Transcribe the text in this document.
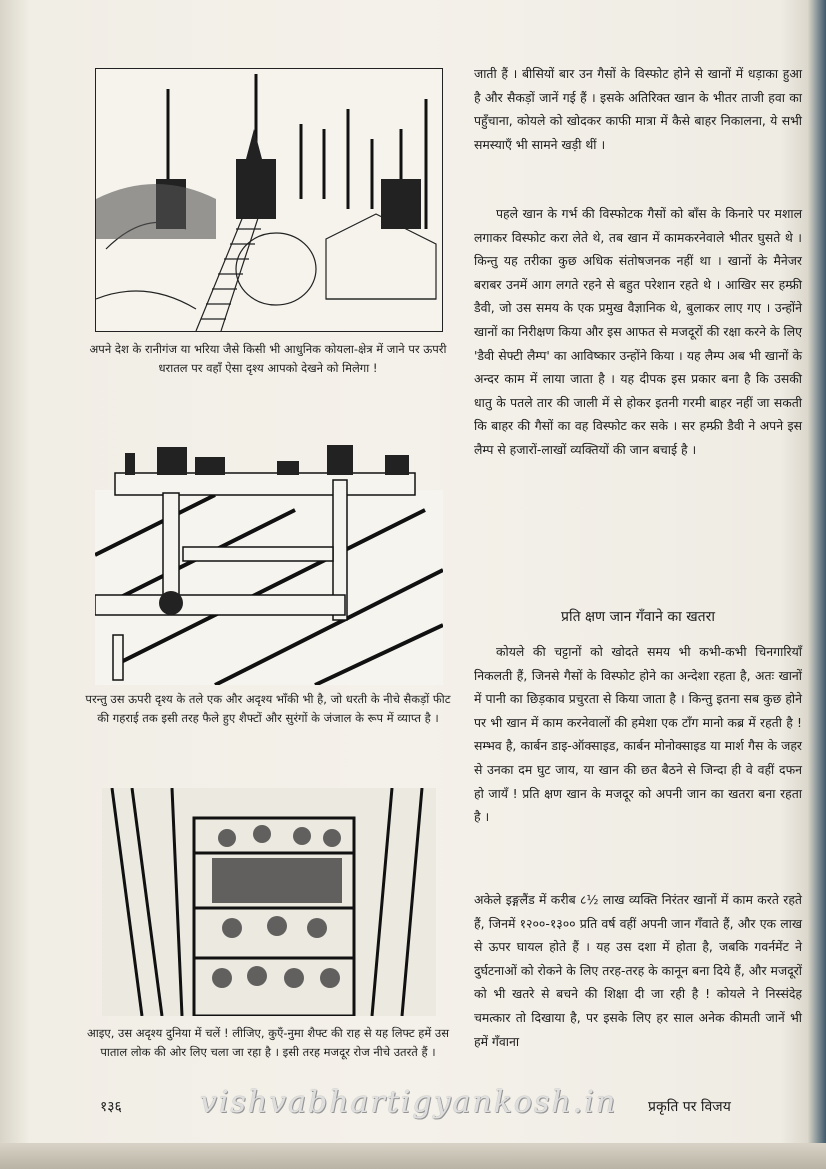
अपने देश के रानीगंज या भरिया जैसे किसी भी आधुनिक कोयला-क्षेत्र में जाने पर ऊपरी धरातल पर वहाँ ऐसा दृश्य आपको देखने को मिलेगा !
परन्तु उस ऊपरी दृश्य के तले एक और अदृश्य भाँकी भी है, जो धरती के नीचे सैकड़ों फीट की गहराई तक इसी तरह फैले हुए शैफ्टों और सुरंगों के जंजाल के रूप में व्याप्त है ।
आइए, उस अदृश्य दुनिया में चलें ! लीजिए, कुएँ-नुमा शैफ्ट की राह से यह लिफ्ट हमें उस पाताल लोक की ओर लिए चला जा रहा है । इसी तरह मजदूर रोज नीचे उतरते हैं ।
जाती हैं । बीसियों बार उन गैसों के विस्फोट होने से खानों में धड़ाका हुआ है और सैकड़ों जानें गई हैं । इसके अतिरिक्त खान के भीतर ताजी हवा का पहुँचाना, कोयले को खोदकर काफी मात्रा में कैसे बाहर निकालना, ये सभी समस्याएँ भी सामने खड़ी थीं ।
पहले खान के गर्भ की विस्फोटक गैसों को बाँस के किनारे पर मशाल लगाकर विस्फोट करा लेते थे, तब खान में कामकरनेवाले भीतर घुसते थे । किन्तु यह तरीका कुछ अधिक संतोषजनक नहीं था । खानों के मैनेजर बराबर उनमें आग लगते रहने से बहुत परेशान रहते थे । आखिर सर हम्फ्री डैवी, जो उस समय के एक प्रमुख वैज्ञानिक थे, बुलाकर लाए गए । उन्होंने खानों का निरीक्षण किया और इस आफत से मजदूरों की रक्षा करने के लिए 'डैवी सेफ्टी लैम्प' का आविष्कार उन्होंने किया । यह लैम्प अब भी खानों के अन्दर काम में लाया जाता है । यह दीपक इस प्रकार बना है कि उसकी धातु के पतले तार की जाली में से होकर इतनी गरमी बाहर नहीं जा सकती कि बाहर की गैसों का वह विस्फोट कर सके । सर हम्फ्री डैवी ने अपने इस लैम्प से हजारों-लाखों व्यक्तियों की जान बचाई है ।
प्रति क्षण जान गँवाने का खतरा
कोयले की चट्टानों को खोदते समय भी कभी-कभी चिनगारियाँ निकलती हैं, जिनसे गैसों के विस्फोट होने का अन्देशा रहता है, अतः खानों में पानी का छिड़काव प्रचुरता से किया जाता है । किन्तु इतना सब कुछ होने पर भी खान में काम करनेवालों की हमेशा एक टाँग मानो कब्र में रहती है ! सम्भव है, कार्बन डाइ-ऑक्साइड, कार्बन मोनोक्साइड या मार्श गैस के जहर से उनका दम घुट जाय, या खान की छत बैठने से जिन्दा ही वे वहीं दफन हो जायँ ! प्रति क्षण खान के मजदूर को अपनी जान का खतरा बना रहता है ।
अकेले इङ्गलैंड में करीब ८½ लाख व्यक्ति निरंतर खानों में काम करते रहते हैं, जिनमें १२००-१३०० प्रति वर्ष वहीं अपनी जान गँवाते हैं, और एक लाख से ऊपर घायल होते हैं । यह उस दशा में होता है, जबकि गवर्नमेंट ने दुर्घटनाओं को रोकने के लिए तरह-तरह के कानून बना दिये हैं, और मजदूरों को भी खतरे से बचने की शिक्षा दी जा रही है ! कोयले ने निस्संदेह चमत्कार तो दिखाया है, पर इसके लिए हर साल अनेक कीमती जानें भी हमें गँवाना
१३६	vishvabhartigyankosh.in प्रकृति पर विजय
